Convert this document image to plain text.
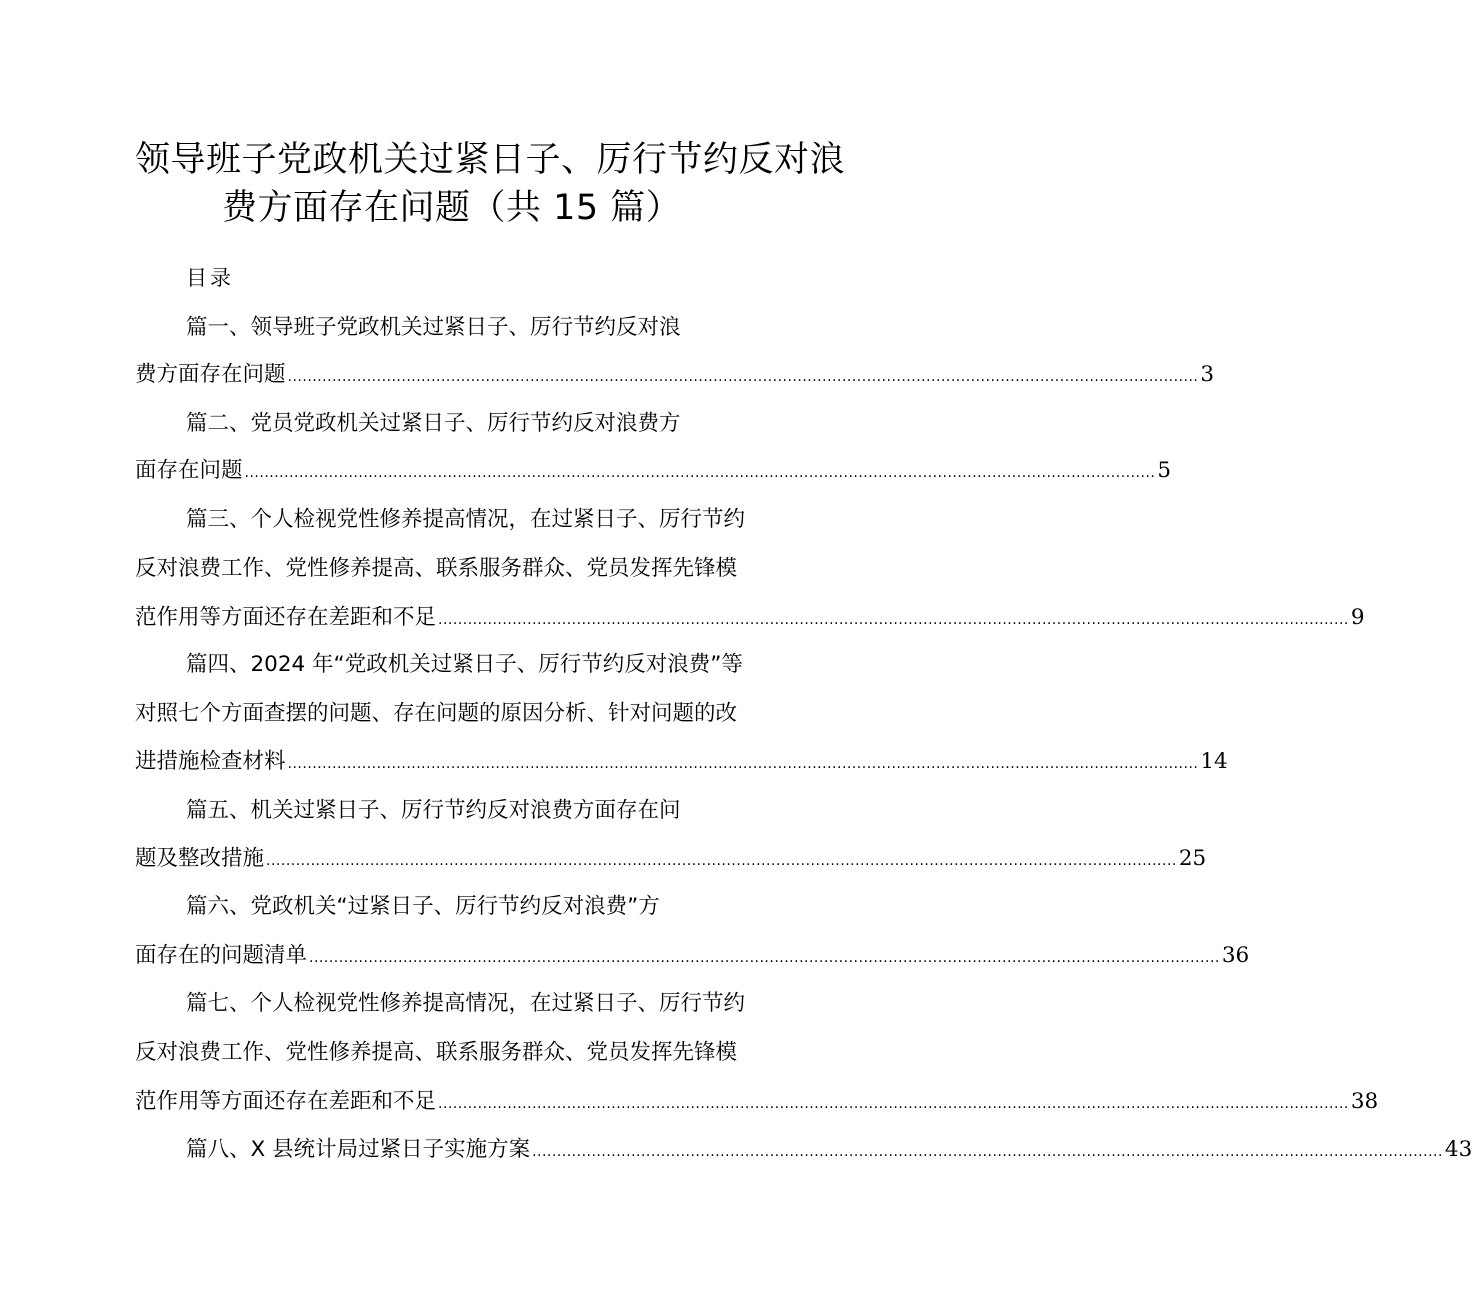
领导班子党政机关过紧日子、厉行节约反对浪
费方面存在问题（共 15 篇）
目录
篇一、领导班子党政机关过紧日子、厉行节约反对浪
费方面存在问题 ........................................................................................................................................................................................ 3
篇二、党员党政机关过紧日子、厉行节约反对浪费方
面存在问题 ........................................................................................................................................................................................ 5
篇三、个人检视党性修养提高情况，在过紧日子、厉行节约
反对浪费工作、党性修养提高、联系服务群众、党员发挥先锋模
范作用等方面还存在差距和不足 ........................................................................................................................................................................................ 9
篇四、2024 年“党政机关过紧日子、厉行节约反对浪费”等
对照七个方面查摆的问题、存在问题的原因分析、针对问题的改
进措施检查材料 ........................................................................................................................................................................................ 14
篇五、机关过紧日子、厉行节约反对浪费方面存在问
题及整改措施 ........................................................................................................................................................................................ 25
篇六、党政机关“过紧日子、厉行节约反对浪费”方
面存在的问题清单 ........................................................................................................................................................................................ 36
篇七、个人检视党性修养提高情况，在过紧日子、厉行节约
反对浪费工作、党性修养提高、联系服务群众、党员发挥先锋模
范作用等方面还存在差距和不足 ........................................................................................................................................................................................ 38
篇八、X 县统计局过紧日子实施方案 ........................................................................................................................................................................................ 43
